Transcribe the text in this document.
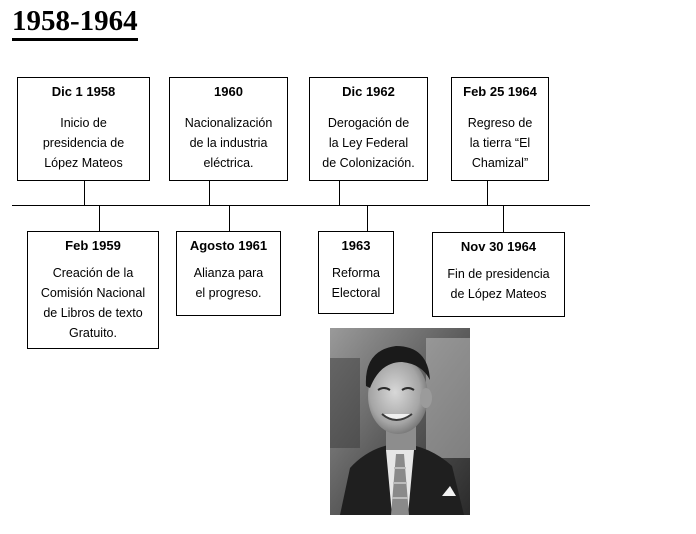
1958-1964
Dic 1 1958
Inicio de
presidencia de
López Mateos
1960
Nacionalización
de la industria
eléctrica.
Dic 1962
Derogación de
la Ley Federal
de Colonización.
Feb 25 1964
Regreso de
la tierra “El
Chamizal”
Feb 1959
Creación de la
Comisión Nacional
de Libros de texto
Gratuito.
Agosto 1961
Alianza para
el progreso.
1963
Reforma
Electoral
Nov 30 1964
Fin de presidencia
de López Mateos
